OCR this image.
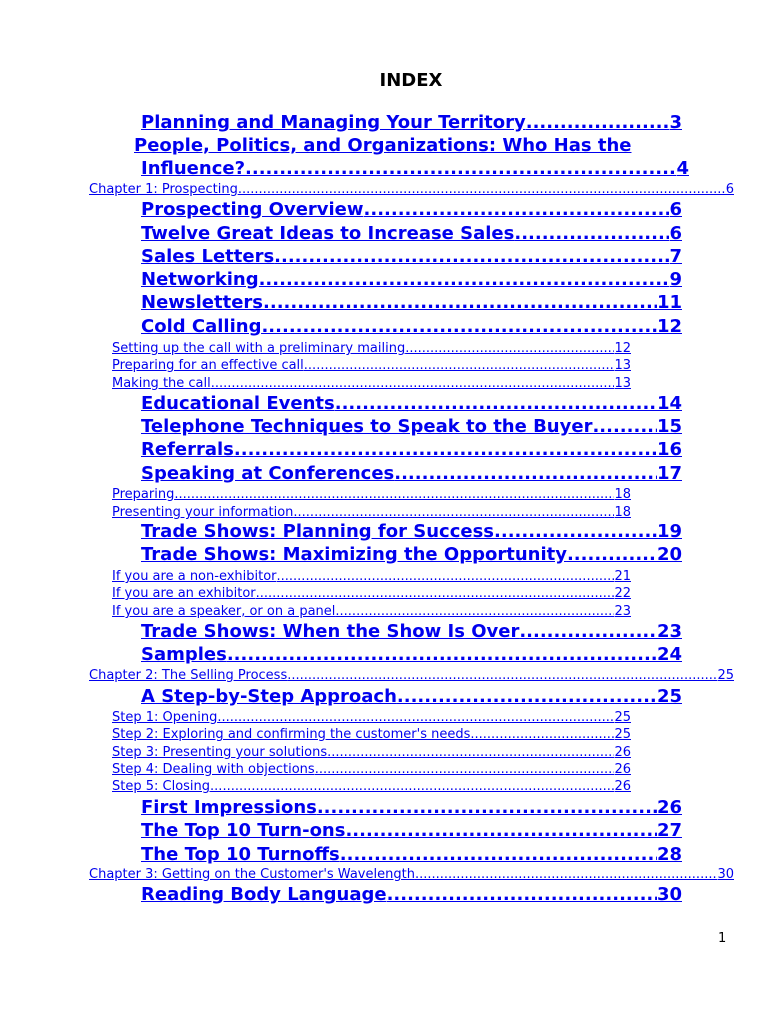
INDEX
Planning and Managing Your Territory .....	3
People, Politics, and Organizations: Who Has the
Influence? .....	4
Chapter 1: Prospecting .....	6
Prospecting Overview .....	6
Twelve Great Ideas to Increase Sales .....	6
Sales Letters .....	7
Networking .....	9
Newsletters .....	11
Cold Calling .....	12
Setting up the call with a preliminary mailing .....	12
Preparing for an effective call .....	13
Making the call .....	13
Educational Events .....	14
Telephone Techniques to Speak to the Buyer .....	15
Referrals .....	16
Speaking at Conferences .....	17
Preparing .....	18
Presenting your information .....	18
Trade Shows: Planning for Success .....	19
Trade Shows: Maximizing the Opportunity .....	20
If you are a non-exhibitor .....	21
If you are an exhibitor .....	22
If you are a speaker, or on a panel .....	23
Trade Shows: When the Show Is Over .....	23
Samples .....	24
Chapter 2: The Selling Process .....	25
A Step-by-Step Approach .....	25
Step 1: Opening .....	25
Step 2: Exploring and confirming the customer's needs .....	25
Step 3: Presenting your solutions .....	26
Step 4: Dealing with objections .....	26
Step 5: Closing .....	26
First Impressions .....	26
The Top 10 Turn-ons .....	27
The Top 10 Turnoffs .....	28
Chapter 3: Getting on the Customer's Wavelength .....	30
Reading Body Language .....	30
1
